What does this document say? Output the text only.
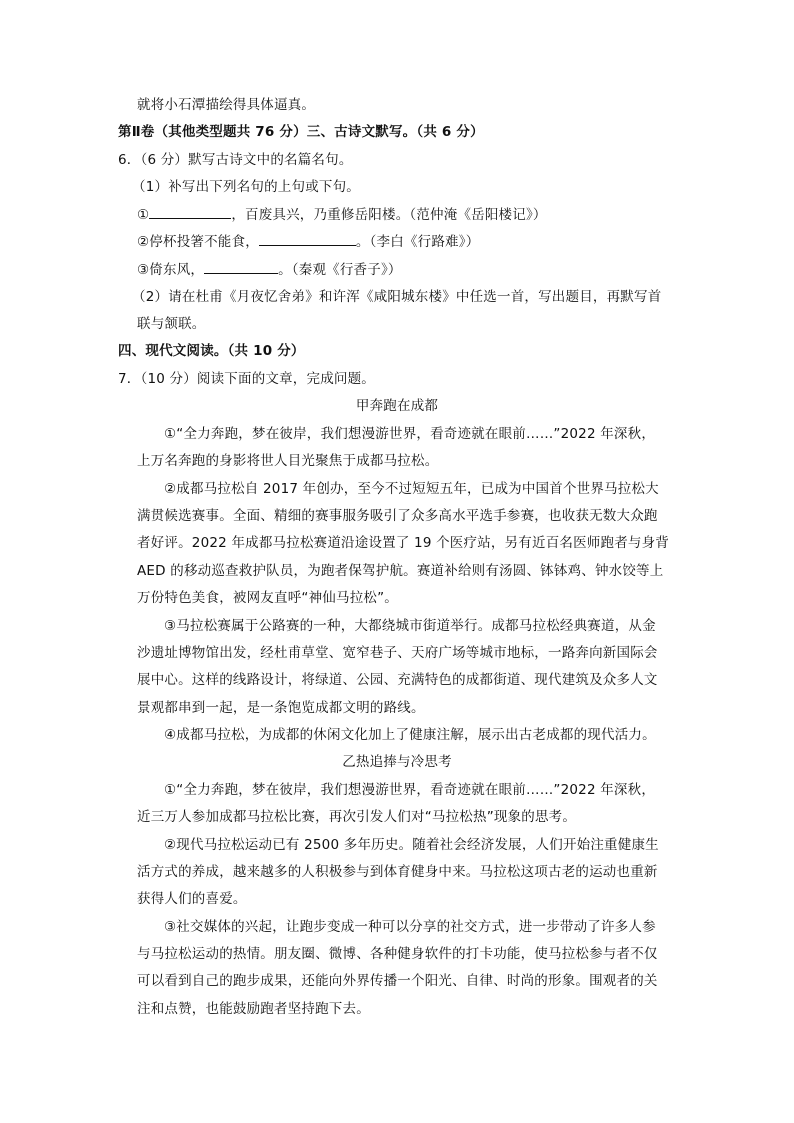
就将小石潭描绘得具体逼真。
第Ⅱ卷（其他类型题共 76 分）三、古诗文默写。（共 6 分）
6．（6 分）默写古诗文中的名篇名句。
（1）补写出下列名句的上句或下句。
①	，百废具兴，乃重修岳阳楼。（范仲淹《岳阳楼记》）
②停杯投箸不能食，	。（李白《行路难》）
③倚东风，	。（秦观《行香子》）
（2）请在杜甫《月夜忆舍弟》和许浑《咸阳城东楼》中任选一首，写出题目，再默写首
联与颔联。
四、现代文阅读。（共 10 分）
7．（10 分）阅读下面的文章，完成问题。
甲奔跑在成都
①“全力奔跑，梦在彼岸，我们想漫游世界，看奇迹就在眼前……”2022 年深秋，
上万名奔跑的身影将世人目光聚焦于成都马拉松。
②成都马拉松自 2017 年创办，至今不过短短五年，已成为中国首个世界马拉松大
满贯候选赛事。全面、精细的赛事服务吸引了众多高水平选手参赛，也收获无数大众跑
者好评。2022 年成都马拉松赛道沿途设置了 19 个医疗站，另有近百名医师跑者与身背
AED 的移动巡查救护队员，为跑者保驾护航。赛道补给则有汤圆、钵钵鸡、钟水饺等上
万份特色美食，被网友直呼“神仙马拉松”。
③马拉松赛属于公路赛的一种，大都绕城市街道举行。成都马拉松经典赛道，从金
沙遗址博物馆出发，经杜甫草堂、宽窄巷子、天府广场等城市地标，一路奔向新国际会
展中心。这样的线路设计，将绿道、公园、充满特色的成都街道、现代建筑及众多人文
景观都串到一起，是一条饱览成都文明的路线。
④成都马拉松，为成都的休闲文化加上了健康注解，展示出古老成都的现代活力。
乙热追捧与冷思考
①“全力奔跑，梦在彼岸，我们想漫游世界，看奇迹就在眼前……”2022 年深秋，
近三万人参加成都马拉松比赛，再次引发人们对“马拉松热”现象的思考。
②现代马拉松运动已有 2500 多年历史。随着社会经济发展，人们开始注重健康生
活方式的养成，越来越多的人积极参与到体育健身中来。马拉松这项古老的运动也重新
获得人们的喜爱。
③社交媒体的兴起，让跑步变成一种可以分享的社交方式，进一步带动了许多人参
与马拉松运动的热情。朋友圈、微博、各种健身软件的打卡功能，使马拉松参与者不仅
可以看到自己的跑步成果，还能向外界传播一个阳光、自律、时尚的形象。围观者的关
注和点赞，也能鼓励跑者坚持跑下去。
